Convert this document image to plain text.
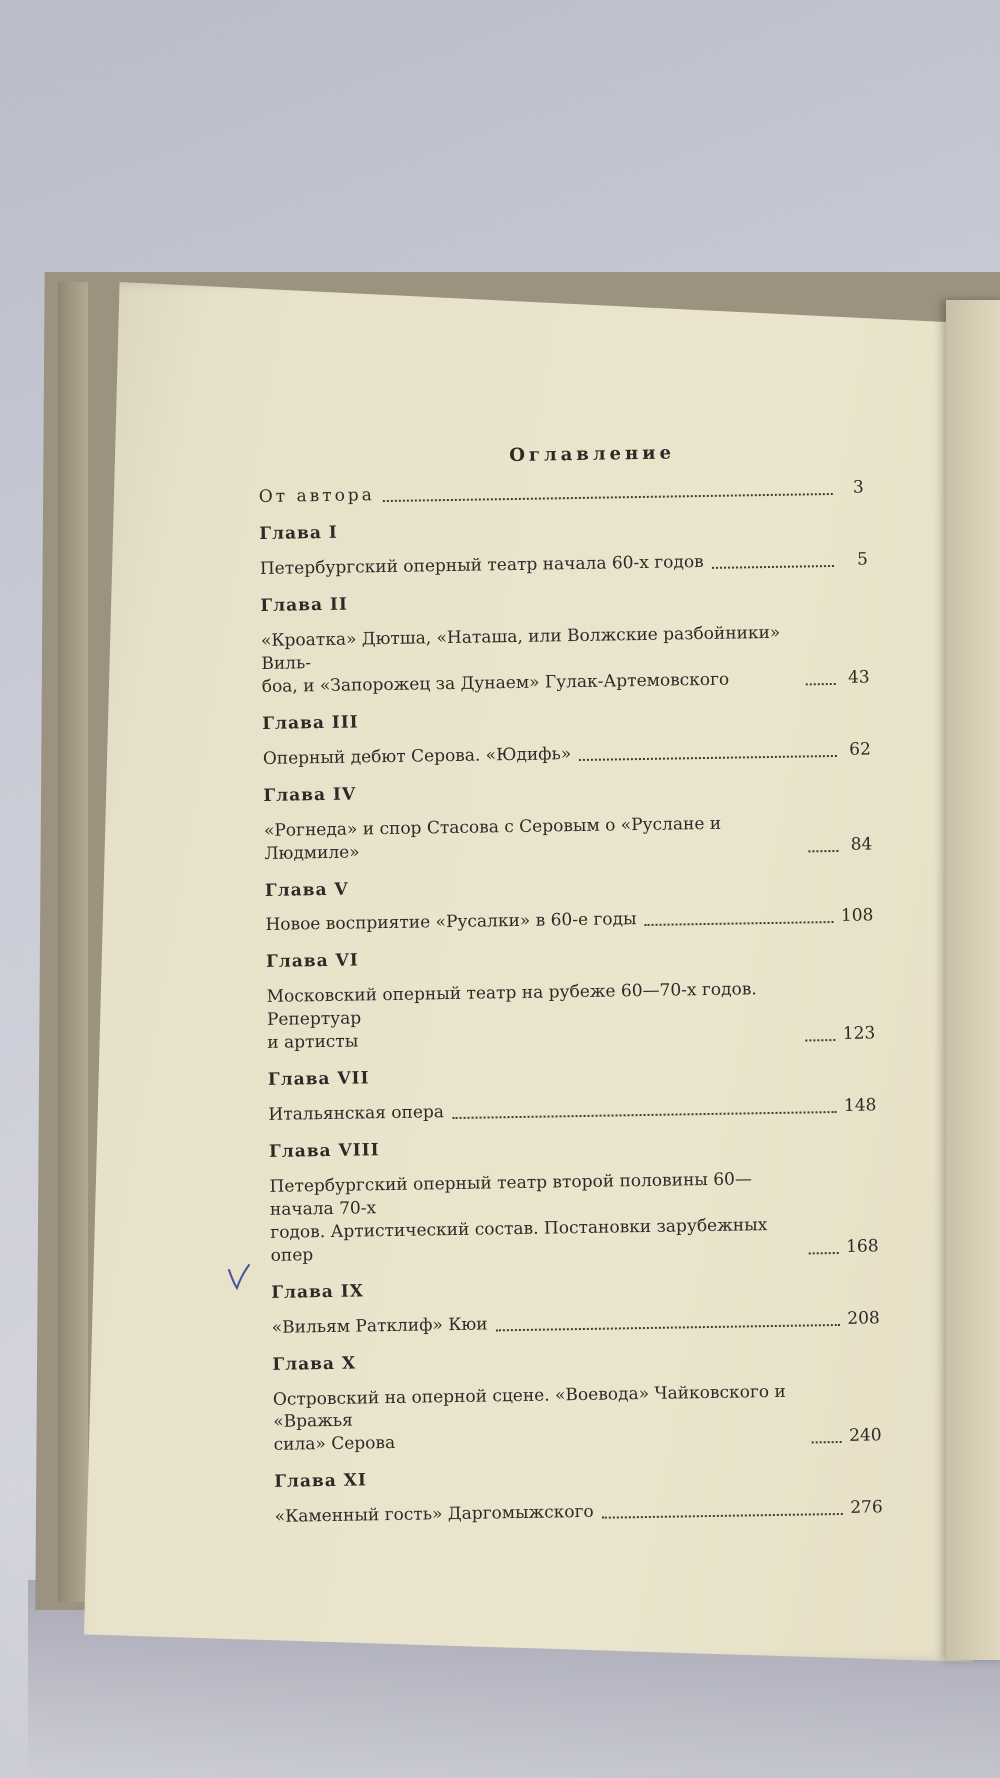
Оглавление
От автора	3
Глава I
Петербургский оперный театр начала 60-х годов	5
Глава II
«Кроатка» Дютша, «Наташа, или Волжские разбойники» Виль-
боа, и «Запорожец за Дунаем» Гулак-Артемовского	43
Глава III
Оперный дебют Серова. «Юдифь»	62
Глава IV
«Рогнеда» и спор Стасова с Серовым о «Руслане и Людмиле»	84
Глава V
Новое восприятие «Русалки» в 60-е годы	108
Глава VI
Московский оперный театр на рубеже 60—70-х годов. Репертуар
и артисты	123
Глава VII
Итальянская опера	148
Глава VIII
Петербургский оперный театр второй половины 60—начала 70-х
годов. Артистический состав. Постановки зарубежных опер	168
Глава IX
«Вильям Ратклиф» Кюи	208
Глава X
Островский на оперной сцене. «Воевода» Чайковского и «Вражья
сила» Серова	240
Глава XI
«Каменный гость» Даргомыжского	276
